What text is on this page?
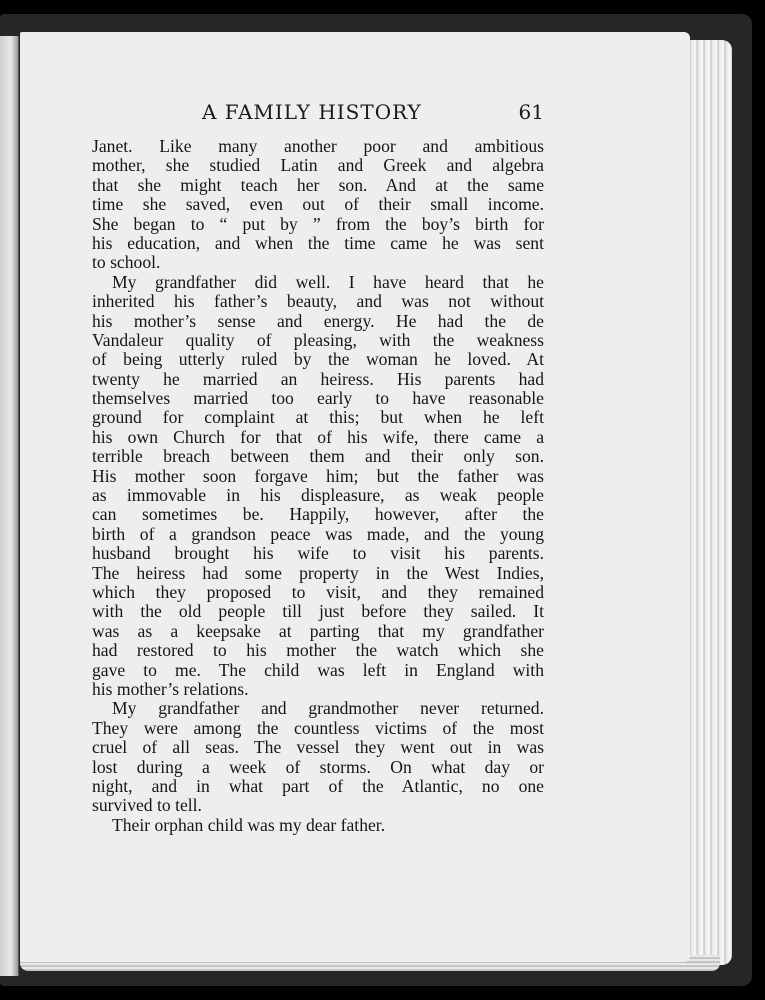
A FAMILY HISTORY	61
Janet. Like many another poor and ambitious
mother, she studied Latin and Greek and algebra
that she might teach her son. And at the same
time she saved, even out of their small income.
She began to “ put by ” from the boy’s birth for
his education, and when the time came he was sent
to school.
My grandfather did well. I have heard that he
inherited his father’s beauty, and was not without
his mother’s sense and energy. He had the de
Vandaleur quality of pleasing, with the weakness
of being utterly ruled by the woman he loved. At
twenty he married an heiress. His parents had
themselves married too early to have reasonable
ground for complaint at this; but when he left
his own Church for that of his wife, there came a
terrible breach between them and their only son.
His mother soon forgave him; but the father was
as immovable in his displeasure, as weak people
can sometimes be. Happily, however, after the
birth of a grandson peace was made, and the young
husband brought his wife to visit his parents.
The heiress had some property in the West Indies,
which they proposed to visit, and they remained
with the old people till just before they sailed. It
was as a keepsake at parting that my grandfather
had restored to his mother the watch which she
gave to me. The child was left in England with
his mother’s relations.
My grandfather and grandmother never returned.
They were among the countless victims of the most
cruel of all seas. The vessel they went out in was
lost during a week of storms. On what day or
night, and in what part of the Atlantic, no one
survived to tell.
Their orphan child was my dear father.
